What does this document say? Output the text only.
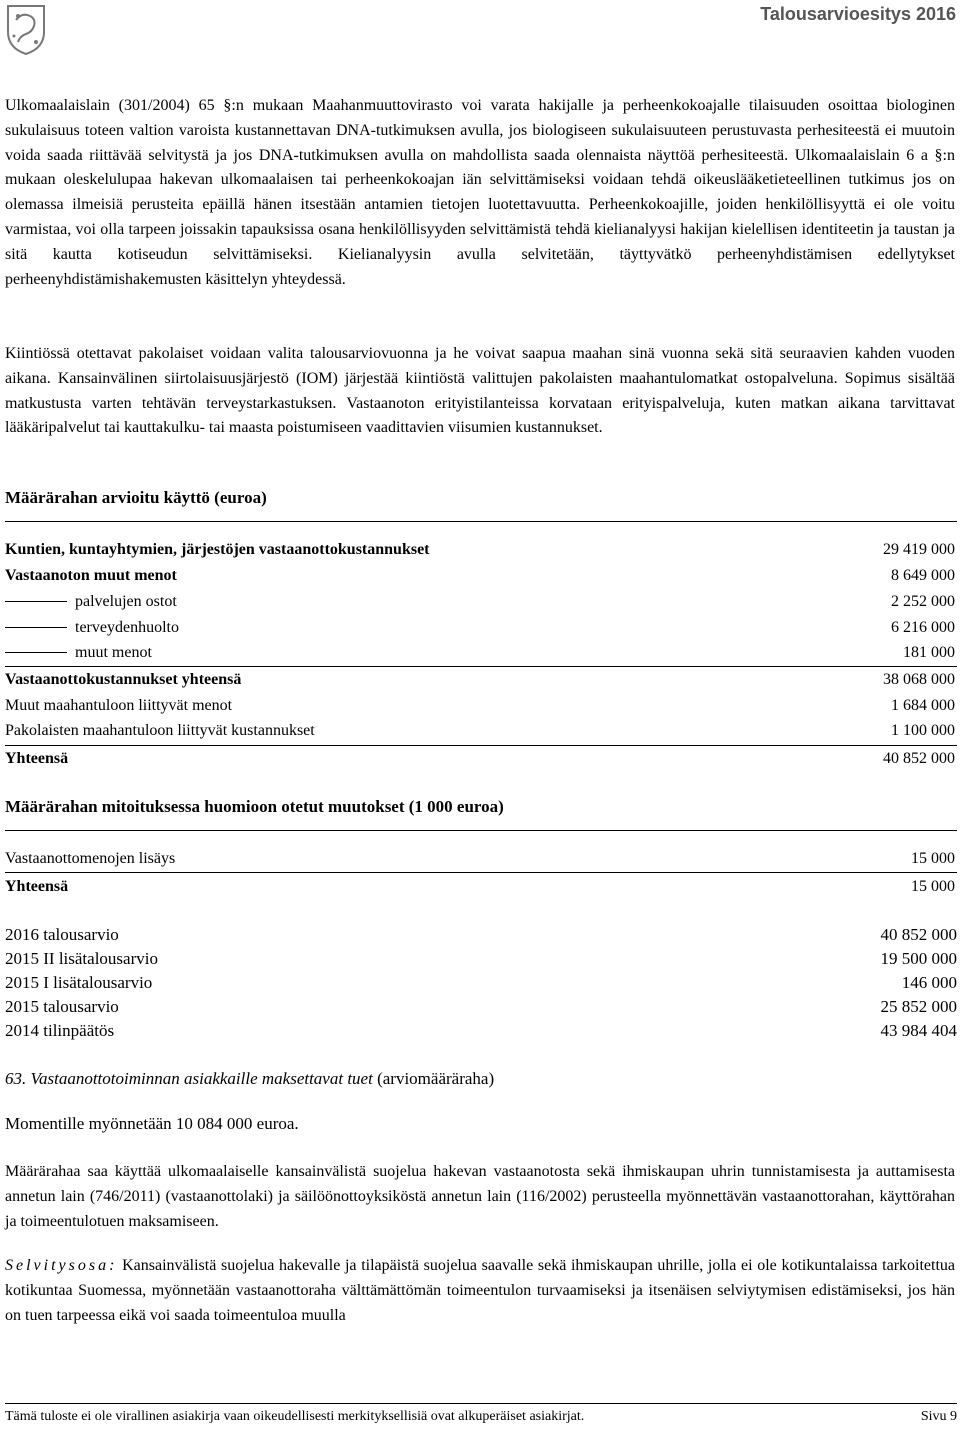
Talousarvioesitys 2016

Ulkomaalaislain (301/2004) 65 §:n mukaan Maahanmuuttovirasto voi varata hakijalle ja perheenkokoajalle tilaisuuden osoittaa biologinen sukulaisuus toteen valtion varoista kustannettavan DNA-tutkimuksen avulla, jos biologiseen sukulaisuuteen perustuvasta perhesiteestä ei muutoin voida saada riittävää selvitystä ja jos DNA-tutkimuksen avulla on mahdollista saada olennaista näyttöä perhesiteestä. Ulkomaalaislain 6 a §:n mukaan oleskelulupaa hakevan ulkomaalaisen tai perheenkokoajan iän selvittämiseksi voidaan tehdä oikeuslääketieteellinen tutkimus jos on olemassa ilmeisiä perusteita epäillä hänen itsestään antamien tietojen luotettavuutta. Perheenkokoajille, joiden henkilöllisyyttä ei ole voitu varmistaa, voi olla tarpeen joissakin tapauksissa osana henkilöllisyyden selvittämistä tehdä kielianalyysi hakijan kielellisen identiteetin ja taustan ja sitä kautta kotiseudun selvittämiseksi. Kielianalyysin avulla selvitetään, täyttyvätkö perheenyhdistämisen edellytykset perheenyhdistämishakemusten käsittelyn yhteydessä.

Kiintiössä otettavat pakolaiset voidaan valita talousarviovuonna ja he voivat saapua maahan sinä vuonna sekä sitä seuraavien kahden vuoden aikana. Kansainvälinen siirtolaisuusjärjestö (IOM) järjestää kiintiöstä valittujen pakolaisten maahantulomatkat ostopalveluna. Sopimus sisältää matkustusta varten tehtävän terveystarkastuksen. Vastaanoton erityistilanteissa korvataan erityispalveluja, kuten matkan aikana tarvittavat lääkäripalvelut tai kauttakulku- tai maasta poistumiseen vaadittavien viisumien kustannukset.

Määrärahan arvioitu käyttö (euroa)
Kuntien, kuntayhtymien, järjestöjen vastaanottokustannukset	29 419 000
Vastaanoton muut menot	8 649 000
palvelujen ostot	2 252 000
terveydenhuolto	6 216 000
muut menot	181 000
Vastaanottokustannukset yhteensä	38 068 000
Muut maahantuloon liittyvät menot	1 684 000
Pakolaisten maahantuloon liittyvät kustannukset	1 100 000
Yhteensä	40 852 000
Määrärahan mitoituksessa huomioon otetut muutokset (1 000 euroa)
Vastaanottomenojen lisäys	15 000
Yhteensä	15 000
2016 talousarvio	40 852 000
2015 II lisätalousarvio	19 500 000
2015 I lisätalousarvio	146 000
2015 talousarvio	25 852 000
2014 tilinpäätös	43 984 404
63. Vastaanottotoiminnan asiakkaille maksettavat tuet (arviomääräraha)
Momentille myönnetään 10 084 000 euroa.

Määrärahaa saa käyttää ulkomaalaiselle kansainvälistä suojelua hakevan vastaanotosta sekä ihmiskaupan uhrin tunnistamisesta ja auttamisesta annetun lain (746/2011) (vastaanottolaki) ja säilöönottoyksiköstä annetun lain (116/2002) perusteella myönnettävän vastaanottorahan, käyttörahan ja toimeentulotuen maksamiseen.

Selvitysosa: Kansainvälistä suojelua hakevalle ja tilapäistä suojelua saavalle sekä ihmiskaupan uhrille, jolla ei ole kotikuntalaissa tarkoitettua kotikuntaa Suomessa, myönnetään vastaanottoraha välttämättömän toimeentulon turvaamiseksi ja itsenäisen selviytymisen edistämiseksi, jos hän on tuen tarpeessa eikä voi saada toimeentuloa muulla

Tämä tuloste ei ole virallinen asiakirja vaan oikeudellisesti merkityksellisiä ovat alkuperäiset asiakirjat.	Sivu 9
